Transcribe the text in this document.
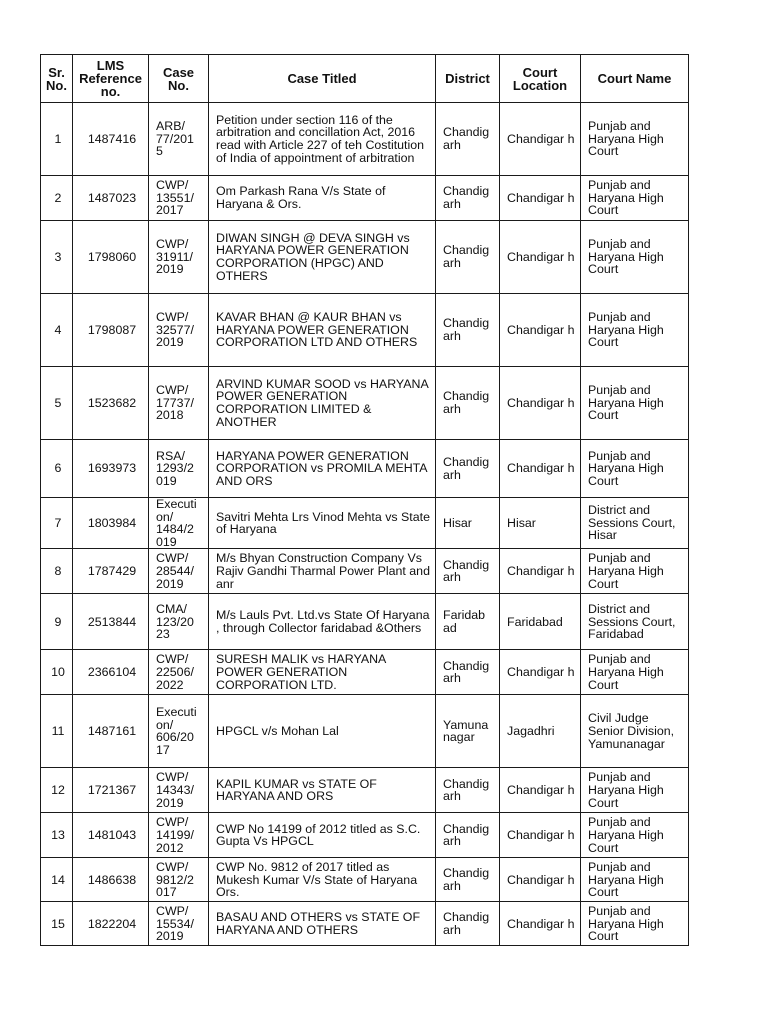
Sr. No.	LMS Reference no.	Case No.	Case Titled	District	Court Location	Court Name
1	1487416	ARB/ 77/201 5	Petition under section 116 of the arbitration and concillation Act, 2016 read with Article 227 of teh Costitution of India of appointment of arbitration	Chandig arh	Chandigar h	Punjab and Haryana High Court
2	1487023	CWP/ 13551/ 2017	Om Parkash Rana V/s State of Haryana & Ors.	Chandig arh	Chandigar h	Punjab and Haryana High Court
3	1798060	CWP/ 31911/ 2019	DIWAN SINGH @ DEVA SINGH vs HARYANA POWER GENERATION CORPORATION (HPGC) AND OTHERS	Chandig arh	Chandigar h	Punjab and Haryana High Court
4	1798087	CWP/ 32577/ 2019	KAVAR BHAN @ KAUR BHAN vs HARYANA POWER GENERATION CORPORATION LTD AND OTHERS	Chandig arh	Chandigar h	Punjab and Haryana High Court
5	1523682	CWP/ 17737/ 2018	ARVIND KUMAR SOOD vs HARYANA POWER GENERATION CORPORATION LIMITED & ANOTHER	Chandig arh	Chandigar h	Punjab and Haryana High Court
6	1693973	RSA/ 1293/2 019	HARYANA POWER GENERATION CORPORATION vs PROMILA MEHTA AND ORS	Chandig arh	Chandigar h	Punjab and Haryana High Court
7	1803984	Executi on/ 1484/2 019	Savitri Mehta Lrs Vinod Mehta vs State of Haryana	Hisar	Hisar	District and Sessions Court, Hisar
8	1787429	CWP/ 28544/ 2019	M/s Bhyan Construction Company Vs Rajiv Gandhi Tharmal Power Plant and anr	Chandig arh	Chandigar h	Punjab and Haryana High Court
9	2513844	CMA/ 123/20 23	M/s Lauls Pvt. Ltd.vs State Of Haryana , through Collector faridabad &Others	Faridab ad	Faridabad	District and Sessions Court, Faridabad
10	2366104	CWP/ 22506/ 2022	SURESH MALIK vs HARYANA POWER GENERATION CORPORATION LTD.	Chandig arh	Chandigar h	Punjab and Haryana High Court
11	1487161	Executi on/ 606/20 17	HPGCL v/s Mohan Lal	Yamuna nagar	Jagadhri	Civil Judge Senior Division, Yamunanagar
12	1721367	CWP/ 14343/ 2019	KAPIL KUMAR vs STATE OF HARYANA AND ORS	Chandig arh	Chandigar h	Punjab and Haryana High Court
13	1481043	CWP/ 14199/ 2012	CWP No 14199 of 2012 titled as S.C. Gupta Vs HPGCL	Chandig arh	Chandigar h	Punjab and Haryana High Court
14	1486638	CWP/ 9812/2 017	CWP No. 9812 of 2017 titled as Mukesh Kumar V/s State of Haryana Ors.	Chandig arh	Chandigar h	Punjab and Haryana High Court
15	1822204	CWP/ 15534/ 2019	BASAU AND OTHERS vs STATE OF HARYANA AND OTHERS	Chandig arh	Chandigar h	Punjab and Haryana High Court
